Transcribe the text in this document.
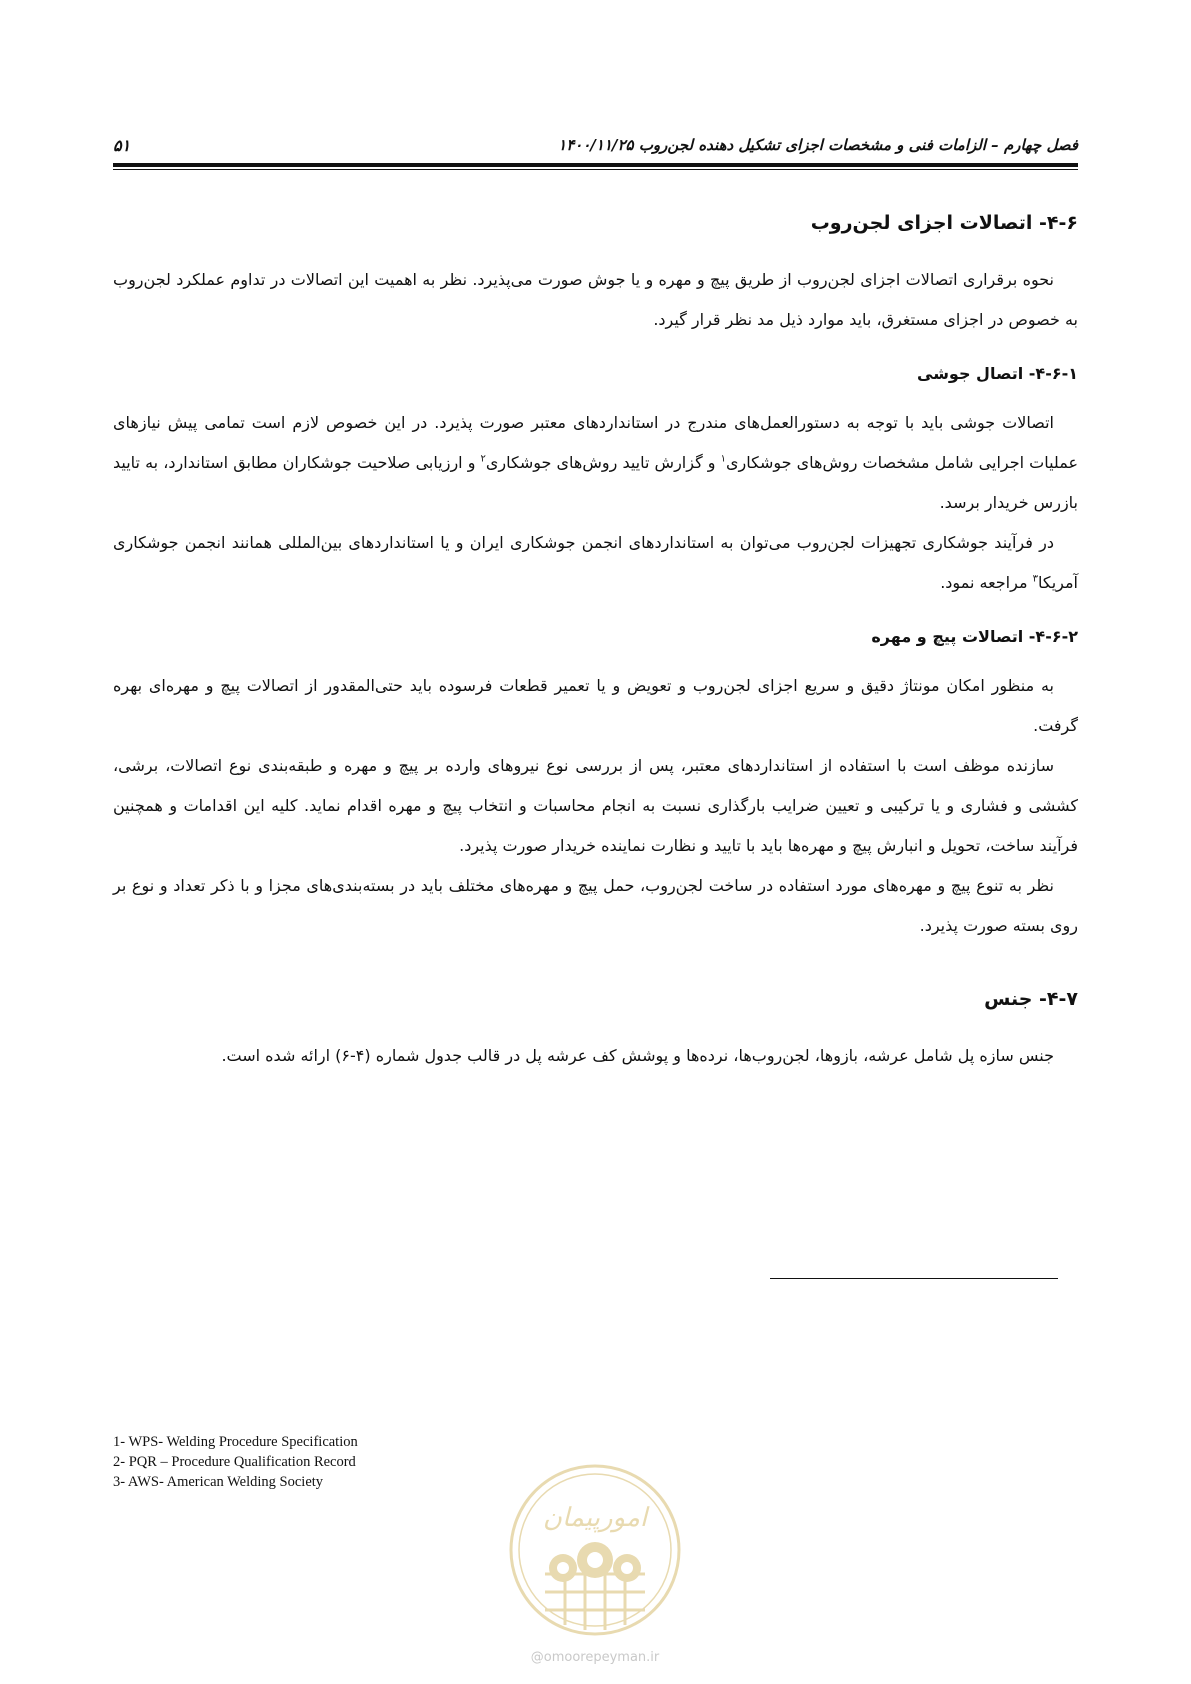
۵۱	فصل چهارم – الزامات فنی و مشخصات اجزای تشکیل دهنده لجن‌روب ۱۴۰۰/۱۱/۲۵
۴-۶- اتصالات اجزای لجن‌روب

نحوه برقراری اتصالات اجزای لجن‌روب از طریق پیچ و مهره و یا جوش صورت می‌پذیرد. نظر به اهمیت این اتصالات در تداوم عملکرد لجن‌روب به خصوص در اجزای مستغرق، باید موارد ذیل مد نظر قرار گیرد.

۴-۶-۱- اتصال جوشی

اتصالات جوشی باید با توجه به دستورالعمل‌های مندرج در استانداردهای معتبر صورت پذیرد. در این خصوص لازم است تمامی پیش نیازهای عملیات اجرایی شامل مشخصات روش‌های جوشکاری$^۱$ و گزارش تایید روش‌های جوشکاری$^۲$ و ارزیابی صلاحیت جوشکاران مطابق استاندارد، به تایید بازرس خریدار برسد.

در فرآیند جوشکاری تجهیزات لجن‌روب می‌توان به استانداردهای انجمن جوشکاری ایران و یا استانداردهای بین‌المللی همانند انجمن جوشکاری آمریکا$^۳$ مراجعه نمود.

۴-۶-۲- اتصالات پیچ و مهره

به منظور امکان مونتاژ دقیق و سریع اجزای لجن‌روب و تعویض و یا تعمیر قطعات فرسوده باید حتی‌المقدور از اتصالات پیچ و مهره‌ای بهره گرفت.

سازنده موظف است با استفاده از استانداردهای معتبر، پس از بررسی نوع نیروهای وارده بر پیچ و مهره و طبقه‌بندی نوع اتصالات، برشی، کششی و فشاری و یا ترکیبی و تعیین ضرایب بارگذاری نسبت به انجام محاسبات و انتخاب پیچ و مهره اقدام نماید. کلیه این اقدامات و همچنین فرآیند ساخت، تحویل و انبارش پیچ و مهره‌ها باید با تایید و نظارت نماینده خریدار صورت پذیرد.

نظر به تنوع پیچ و مهره‌های مورد استفاده در ساخت لجن‌روب، حمل پیچ و مهره‌های مختلف باید در بسته‌بندی‌های مجزا و با ذکر تعداد و نوع بر روی بسته صورت پذیرد.

۴-۷- جنس

جنس سازه پل شامل عرشه، بازوها، لجن‌روب‌ها، نرده‌ها و پوشش کف عرشه پل در قالب جدول شماره (۴-۶) ارائه شده است.

1- WPS- Welding Procedure Specification
2- PQR – Procedure Qualification Record
3- AWS- American Welding Society
امورپیمان
@omoorepeyman.ir
